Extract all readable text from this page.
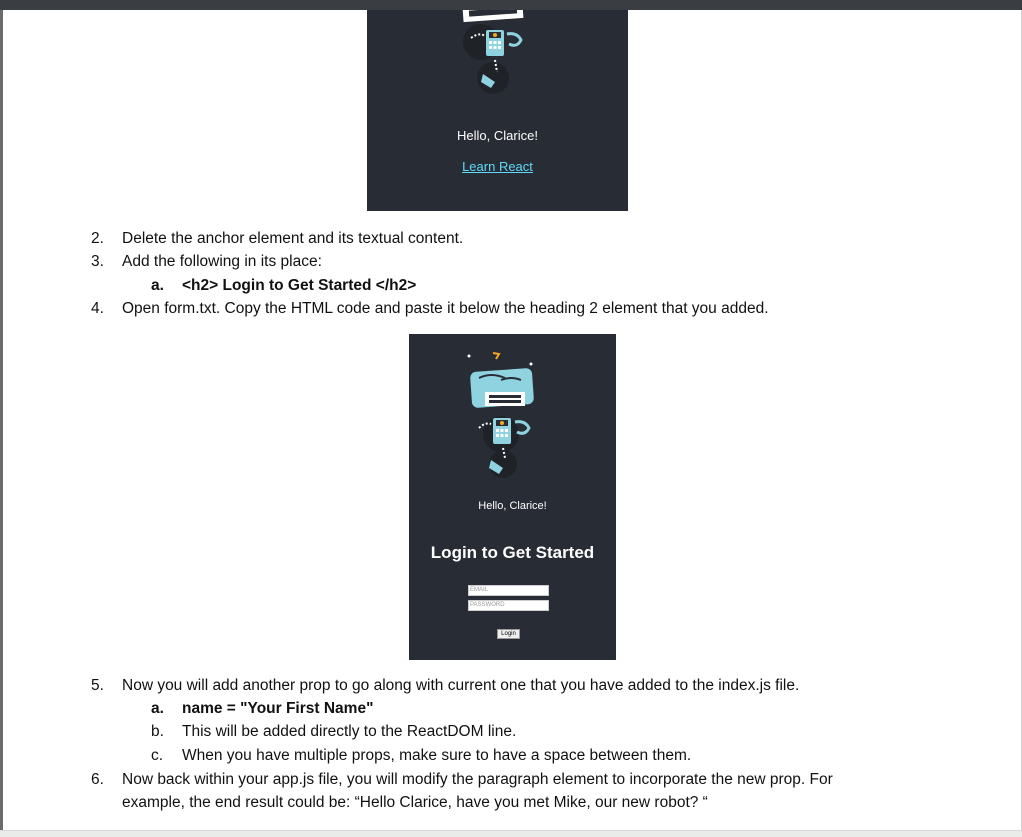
Hello, Clarice!
Learn React
2. Delete the anchor element and its textual content.
3. Add the following in its place:
a. <h2> Login to Get Started </h2>
4. Open form.txt. Copy the HTML code and paste it below the heading 2 element that you added.
Hello, Clarice!
Login to Get Started
EMAIL
PASSWORD
Login
5. Now you will add another prop to go along with current one that you have added to the index.js file.
a. name = "Your First Name"
b. This will be added directly to the ReactDOM line.
c. When you have multiple props, make sure to have a space between them.
6. Now back within your app.js file, you will modify the paragraph element to incorporate the new prop. For
example, the end result could be: “Hello Clarice, have you met Mike, our new robot? “
